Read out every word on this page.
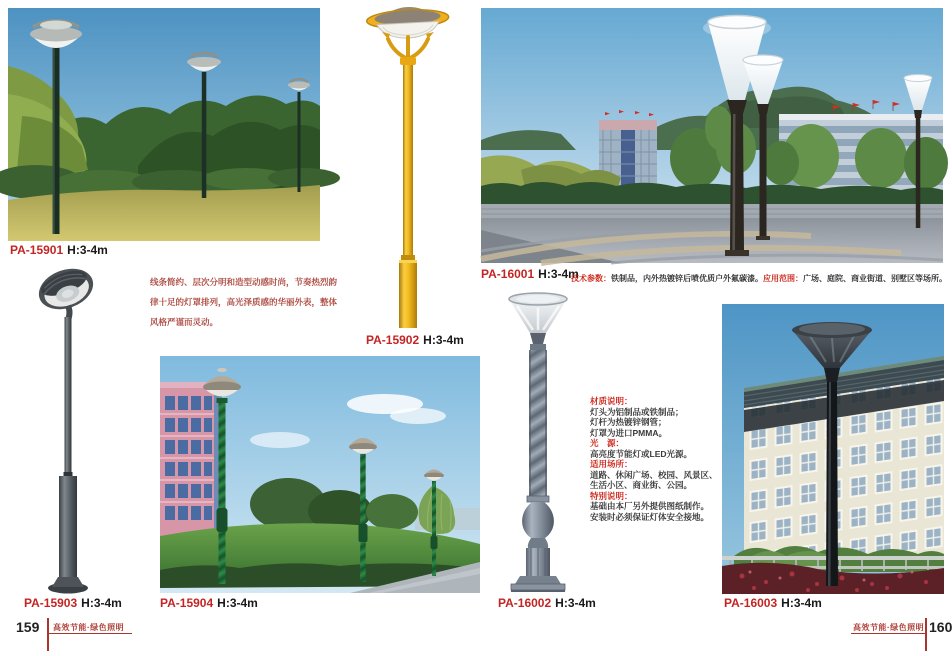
PA-15901 H:3-4m
线条简约、层次分明和造型动感时尚，节奏热烈韵
律十足的灯罩排列，高光泽质感的华丽外表，整体
风格严谨而灵动。
PA-15902 H:3-4m
PA-16001 H:3-4m
技术参数：铁制品，内外热镀锌后喷优质户外氟碳漆。应用范围：广场、庭院、商业街道、别墅区等场所。
PA-15903 H:3-4m	PA-15904 H:3-4m	PA-16002 H:3-4m
材质说明：
灯头为铝制品或铁制品；
灯杆为热镀锌钢管；
灯罩为进口PMMA。
光　源：
高亮度节能灯或LED光源。
适用场所：
道路、休闲广场、校园、风景区、
生活小区、商业街、公园。
特别说明：
基础由本厂另外提供图纸制作。
安装时必须保证灯体安全接地。
PA-16003 H:3-4m
159 高效节能·绿色照明	高效节能·绿色照明 160
